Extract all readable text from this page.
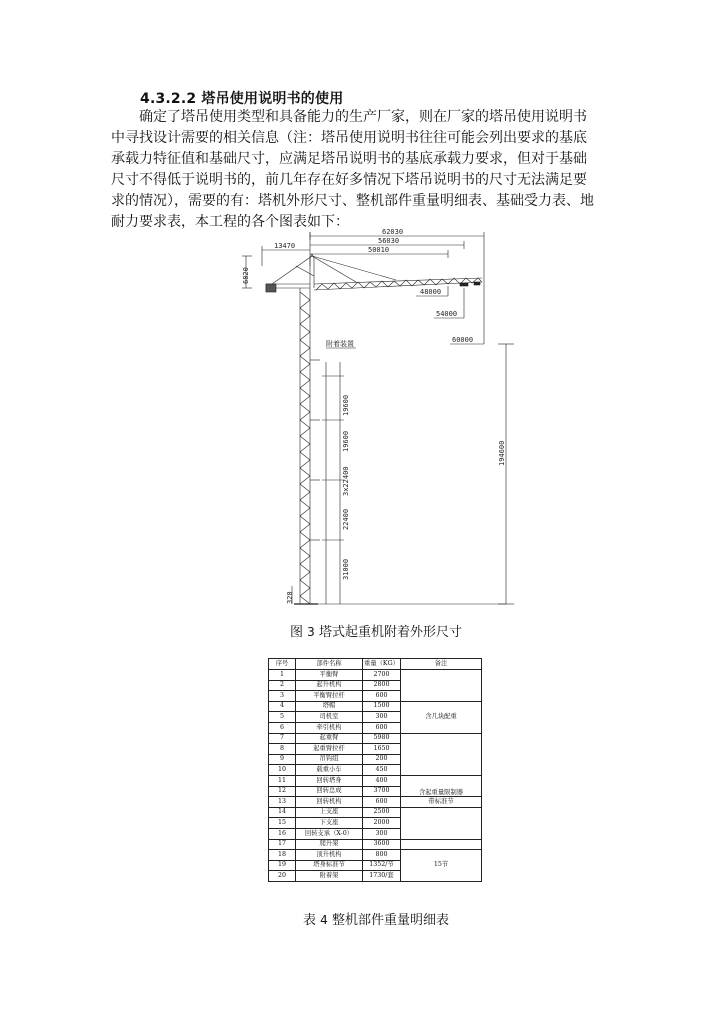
4.3.2.2 塔吊使用说明书的使用

确定了塔吊使用类型和具备能力的生产厂家，则在厂家的塔吊使用说明书
中寻找设计需要的相关信息（注：塔吊使用说明书往往可能会列出要求的基底
承载力特征值和基础尺寸，应满足塔吊说明书的基底承载力要求，但对于基础
尺寸不得低于说明书的，前几年存在好多情况下塔吊说明书的尺寸无法满足要
求的情况），需要的有：塔机外形尺寸、整机部件重量明细表、基础受力表、地
耐力要求表，本工程的各个图表如下：

62030
56030
50010
13470
6820
48000
54000
60000
附着装置
19600
19600
3x22400
22400
31000
320
194600
图 3 塔式起重机附着外形尺寸
序号	部件名称	重量（KG）	备注
1	平衡臂	2700	
2	起升机构	2800	
3	平衡臂拉杆	600	
4	塔帽	1500	含几块配重
5	司机室	300	
6	牵引机构	600	
7	起重臂	5980	
8	起重臂拉杆	1650	
9	吊钩组	200	
10	载重小车	450	
11	回转塔身	400	含起重量限制器
12	回转总成	3700	
13	回转机构	600	带标准节
14	上支座	2500	
15	下支座	2000	
16	回转支承（X-0）	300	
17	爬升架	3600	
18	顶升机构	800	15节
19	塔身标准节	1352/节	
20	附着架	1730/套	
表 4 整机部件重量明细表
